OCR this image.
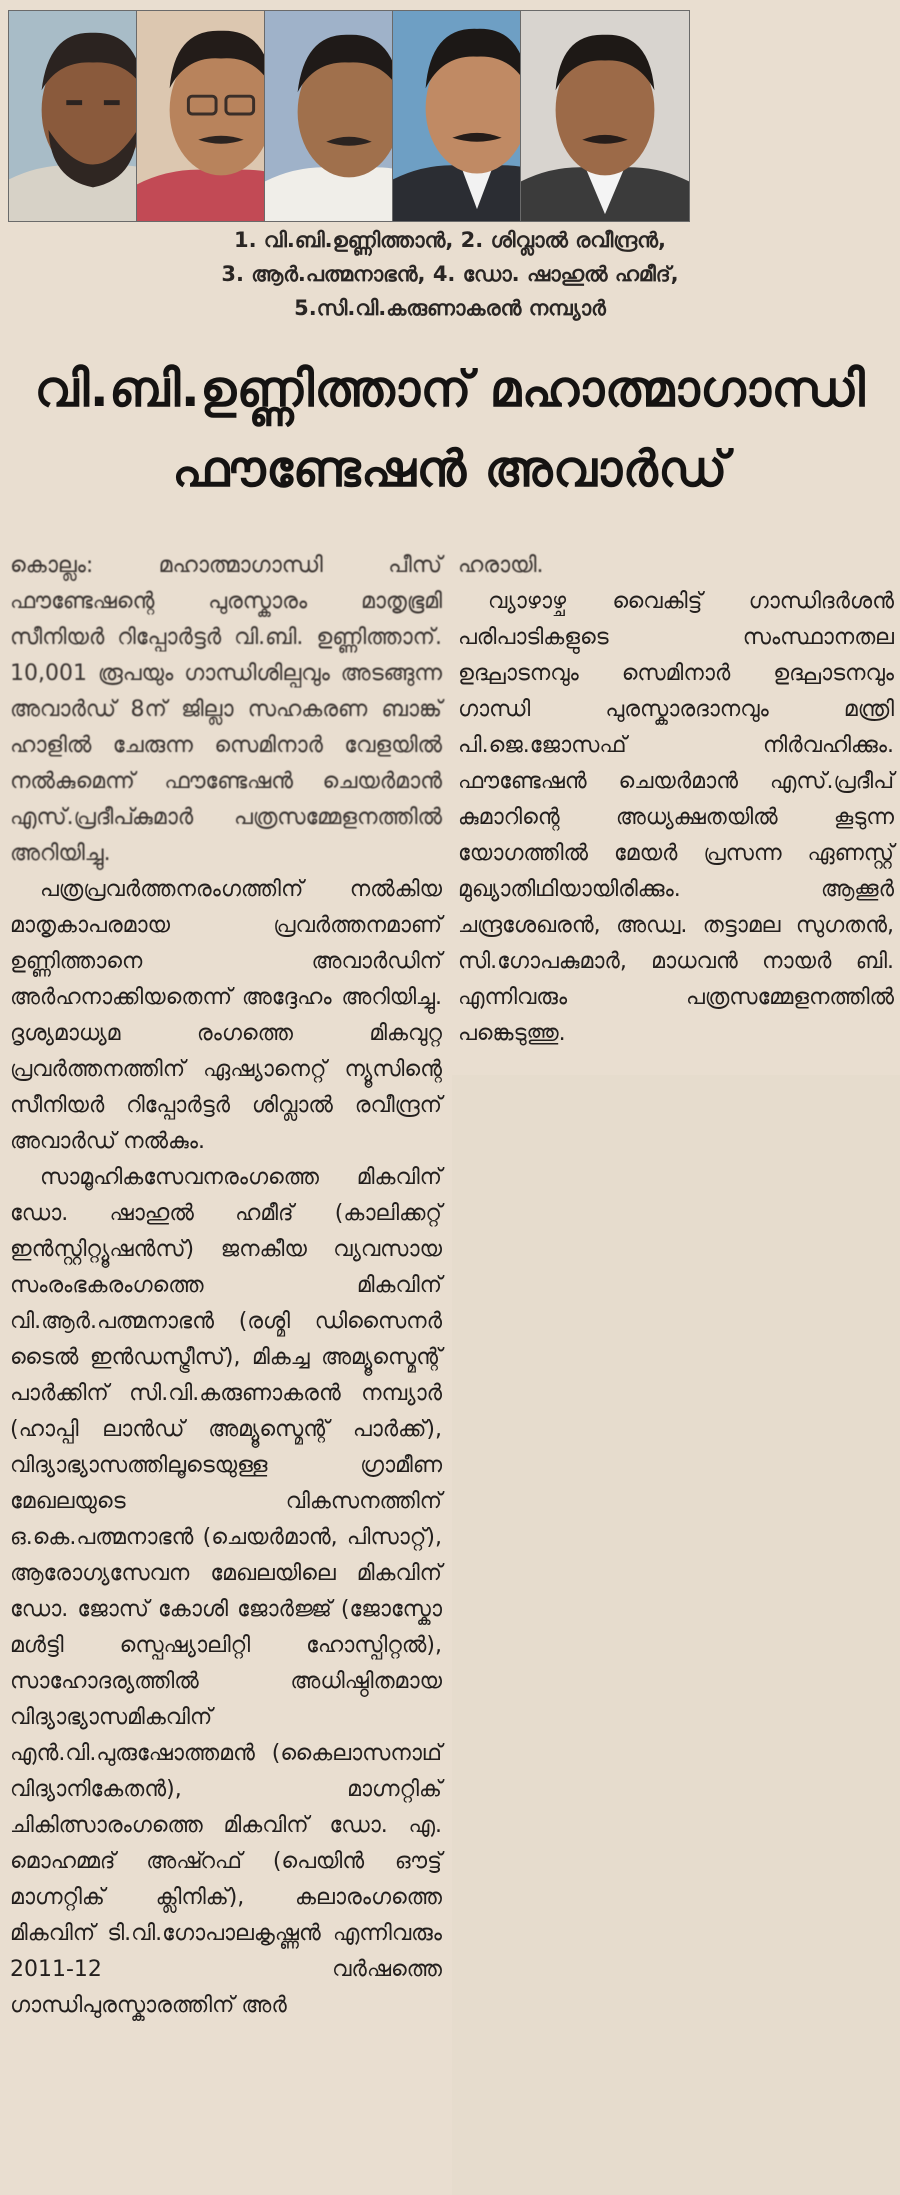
1. വി.ബി.ഉണ്ണിത്താൻ, 2. ശിവ്ലാൽ രവീന്ദ്രൻ,
3. ആർ.പത്മനാഭൻ, 4. ഡോ. ഷാഹുൽ ഹമീദ്,
5.സി.വി.കരുണാകരൻ നമ്പ്യാർ
വി.ബി.ഉണ്ണിത്താന് മഹാത്മാഗാന്ധി
ഫൗണ്ടേഷൻ അവാർഡ്

കൊല്ലം: മഹാത്മാഗാന്ധി പീസ് ഫൗണ്ടേഷന്റെ പുരസ്കാരം മാതൃഭൂമി സീനിയർ റിപ്പോർട്ടർ വി.ബി. ഉണ്ണിത്താന്. 10,001 രൂപയും ഗാന്ധിശില്പവും അടങ്ങുന്ന അവാർഡ് 8ന് ജില്ലാ സഹകരണ ബാങ്ക് ഹാളിൽ ചേരുന്ന സെമിനാർ വേളയിൽ നൽകുമെന്ന് ഫൗണ്ടേഷൻ ചെയർമാൻ എസ്.പ്രദീപ്കുമാർ പത്രസമ്മേളനത്തിൽ അറിയിച്ചു.

പത്രപ്രവർത്തനരംഗത്തിന് നൽകിയ മാതൃകാപരമായ പ്രവർത്തനമാണ് ഉണ്ണിത്താനെ അവാർഡിന് അർഹനാക്കിയതെന്ന് അദ്ദേഹം അറിയിച്ചു. ദൃശ്യമാധ്യമ രംഗത്തെ മികവുറ്റ പ്രവർത്തനത്തിന് ഏഷ്യാനെറ്റ് ന്യൂസിന്റെ സീനിയർ റിപ്പോർട്ടർ ശിവ്ലാൽ രവീന്ദ്രന് അവാർഡ് നൽകും.

സാമൂഹികസേവനരംഗത്തെ മികവിന് ഡോ. ഷാഹുൽ ഹമീദ് (കാലിക്കറ്റ് ഇൻസ്റ്റിറ്റ്യൂഷൻസ്) ജനകീയ വ്യവസായ സംരംഭകരംഗത്തെ മികവിന് വി.ആർ.പത്മനാഭൻ (രശ്മി ഡിസൈനർ ടൈൽ ഇൻഡസ്ട്രീസ്), മികച്ച അമ്യൂസ്മെന്റ് പാർക്കിന് സി.വി.കരുണാകരൻ നമ്പ്യാർ (ഹാപ്പി ലാൻഡ് അമ്യൂസ്മെന്റ് പാർക്ക്), വിദ്യാഭ്യാസത്തിലൂടെയുള്ള ഗ്രാമീണ മേഖലയുടെ വികസനത്തിന് ഒ.കെ.പത്മനാഭൻ (ചെയർമാൻ, പിസാറ്റ്), ആരോഗ്യസേവന മേഖലയിലെ മികവിന് ഡോ. ജോസ് കോശി ജോർജ്ജ് (ജോസ്കോ മൾട്ടി സ്പെഷ്യാലിറ്റി ഹോസ്പിറ്റൽ), സാഹോദര്യത്തിൽ അധിഷ്ഠിതമായ വിദ്യാഭ്യാസമികവിന് എൻ.വി.പുരുഷോത്തമൻ (കൈലാസനാഥ് വിദ്യാനികേതൻ), മാഗ്നറ്റിക് ചികിത്സാരംഗത്തെ മികവിന് ഡോ. എ. മൊഹമ്മദ് അഷ്റഫ് (പെയിൻ ഔട്ട് മാഗ്നറ്റിക് ക്ലിനിക്), കലാരംഗത്തെ മികവിന് ടി.വി.ഗോപാലകൃഷ്ണൻ എന്നിവരും 2011-12 വർഷത്തെ ഗാന്ധിപുരസ്കാരത്തിന് അർ

ഹരായി.

വ്യാഴാഴ്ച വൈകിട്ട് ഗാന്ധിദർശൻ പരിപാടികളുടെ സംസ്ഥാനതല ഉദ്ഘാടനവും സെമിനാർ ഉദ്ഘാടനവും ഗാന്ധി പുരസ്കാരദാനവും മന്ത്രി പി.ജെ.ജോസഫ് നിർവഹിക്കും. ഫൗണ്ടേഷൻ ചെയർമാൻ എസ്.പ്രദീപ് കുമാറിന്റെ അധ്യക്ഷതയിൽ കൂടുന്ന യോഗത്തിൽ മേയർ പ്രസന്ന ഏണസ്റ്റ് മുഖ്യാതിഥിയായിരിക്കും. ആക്കൂർ ചന്ദ്രശേഖരൻ, അഡ്വ. തട്ടാമല സുഗതൻ, സി.ഗോപകുമാർ, മാധവൻ നായർ ബി. എന്നിവരും പത്രസമ്മേളനത്തിൽ പങ്കെടുത്തു.
